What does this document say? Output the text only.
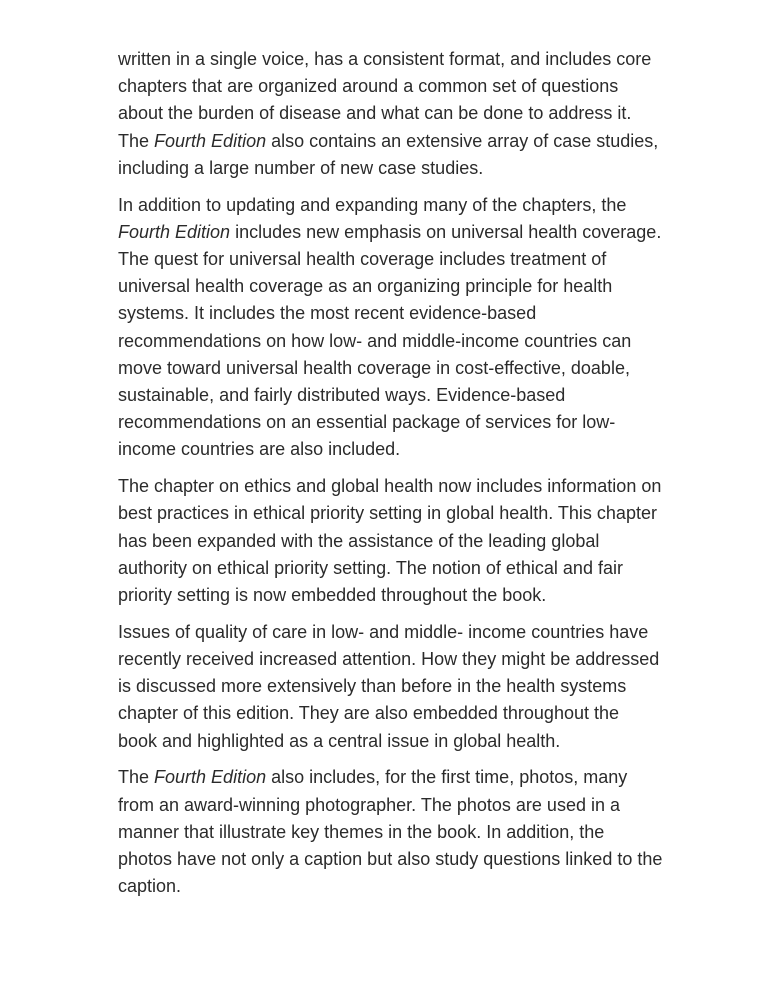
written in a single voice, has a consistent format, and includes core chapters that are organized around a common set of questions about the burden of disease and what can be done to address it. The Fourth Edition also contains an extensive array of case studies, including a large number of new case studies.

In addition to updating and expanding many of the chapters, the Fourth Edition includes new emphasis on universal health coverage. The quest for universal health coverage includes treatment of universal health coverage as an organizing principle for health systems. It includes the most recent evidence-based recommendations on how low- and middle-income countries can move toward universal health coverage in cost-effective, doable, sustainable, and fairly distributed ways. Evidence-based recommendations on an essential package of services for low-income countries are also included.

The chapter on ethics and global health now includes information on best practices in ethical priority setting in global health. This chapter has been expanded with the assistance of the leading global authority on ethical priority setting. The notion of ethical and fair priority setting is now embedded throughout the book.

Issues of quality of care in low- and middle- income countries have recently received increased attention. How they might be addressed is discussed more extensively than before in the health systems chapter of this edition. They are also embedded throughout the book and highlighted as a central issue in global health.

The Fourth Edition also includes, for the first time, photos, many from an award-winning photographer. The photos are used in a manner that illustrate key themes in the book. In addition, the photos have not only a caption but also study questions linked to the caption.
